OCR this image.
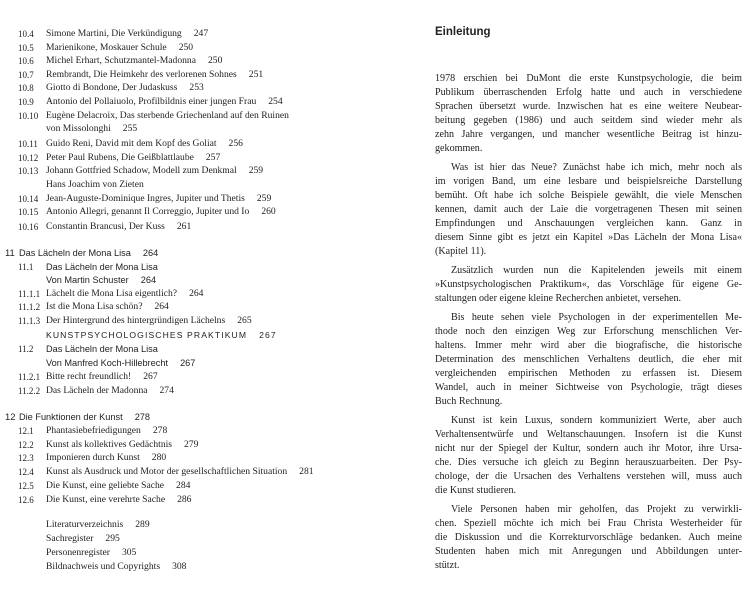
10.4	Simone Martini, Die Verkündigung 247
10.5	Marienikone, Moskauer Schule 250
10.6	Michel Erhart, Schutzmantel-Madonna 250
10.7	Rembrandt, Die Heimkehr des verlorenen Sohnes 251
10.8	Giotto di Bondone, Der Judaskuss 253
10.9	Antonio del Pollaiuolo, Profilbildnis einer jungen Frau 254
10.10 Eugène Delacroix, Das sterbende Griechenland auf den Ruinen
von Missolonghi 255
10.11 Guido Reni, David mit dem Kopf des Goliat 256
10.12 Peter Paul Rubens, Die Geißblattlaube 257
10.13 Johann Gottfried Schadow, Modell zum Denkmal 259
Hans Joachim von Zieten
10.14 Jean-Auguste-Dominique Ingres, Jupiter und Thetis 259
10.15 Antonio Allegri, genannt Il Correggio, Jupiter und Io 260
10.16 Constantin Brancusi, Der Kuss 261
11 Das Lächeln der Mona Lisa 264
11.1	Das Lächeln der Mona Lisa
Von Martin Schuster 264
11.1.1 Lächelt die Mona Lisa eigentlich? 264
11.1.2 Ist die Mona Lisa schön? 264
11.1.3 Der Hintergrund des hintergründigen Lächelns 265
KUNSTPSYCHOLOGISCHES PRAKTIKUM 267
11.2	Das Lächeln der Mona Lisa
Von Manfred Koch-Hillebrecht 267
11.2.1 Bitte recht freundlich! 267
11.2.2 Das Lächeln der Madonna 274
12 Die Funktionen der Kunst 278
12.1	Phantasiebefriedigungen 278
12.2	Kunst als kollektives Gedächtnis 279
12.3	Imponieren durch Kunst 280
12.4	Kunst als Ausdruck und Motor der gesellschaftlichen Situation 281
12.5	Die Kunst, eine geliebte Sache 284
12.6	Die Kunst, eine verehrte Sache 286
Literaturverzeichnis 289
Sachregister 295
Personenregister 305
Bildnachweis und Copyrights 308
Einleitung
1978 erschien bei DuMont die erste Kunstpsychologie, die beim
Publikum überraschenden Erfolg hatte und auch in verschiedene
Sprachen übersetzt wurde. Inzwischen hat es eine weitere Neubear-
beitung gegeben (1986) und auch seitdem sind wieder mehr als
zehn Jahre vergangen, und mancher wesentliche Beitrag ist hinzu-
gekommen.
Was ist hier das Neue? Zunächst habe ich mich, mehr noch als
im vorigen Band, um eine lesbare und beispielsreiche Darstellung
bemüht. Oft habe ich solche Beispiele gewählt, die viele Menschen
kennen, damit auch der Laie die vorgetragenen Thesen mit seinen
Empfindungen und Anschauungen vergleichen kann. Ganz in
diesem Sinne gibt es jetzt ein Kapitel »Das Lächeln der Mona Lisa«
(Kapitel 11).
Zusätzlich wurden nun die Kapitelenden jeweils mit einem
»Kunstpsychologischen Praktikum«, das Vorschläge für eigene Ge-
staltungen oder eigene kleine Recherchen anbietet, versehen.
Bis heute sehen viele Psychologen in der experimentellen Me-
thode noch den einzigen Weg zur Erforschung menschlichen Ver-
haltens. Immer mehr wird aber die biografische, die historische
Determination des menschlichen Verhaltens deutlich, die eher mit
vergleichenden empirischen Methoden zu erfassen ist. Diesem
Wandel, auch in meiner Sichtweise von Psychologie, trägt dieses
Buch Rechnung.
Kunst ist kein Luxus, sondern kommuniziert Werte, aber auch
Verhaltensentwürfe und Weltanschauungen. Insofern ist die Kunst
nicht nur der Spiegel der Kultur, sondern auch ihr Motor, ihre Ursa-
che. Dies versuche ich gleich zu Beginn herauszuarbeiten. Der Psy-
chologe, der die Ursachen des Verhaltens verstehen will, muss auch
die Kunst studieren.
Viele Personen haben mir geholfen, das Projekt zu verwirkli-
chen. Speziell möchte ich mich bei Frau Christa Westerheider für
die Diskussion und die Korrekturvorschläge bedanken. Auch meine
Studenten haben mich mit Anregungen und Abbildungen unter-
stützt.
